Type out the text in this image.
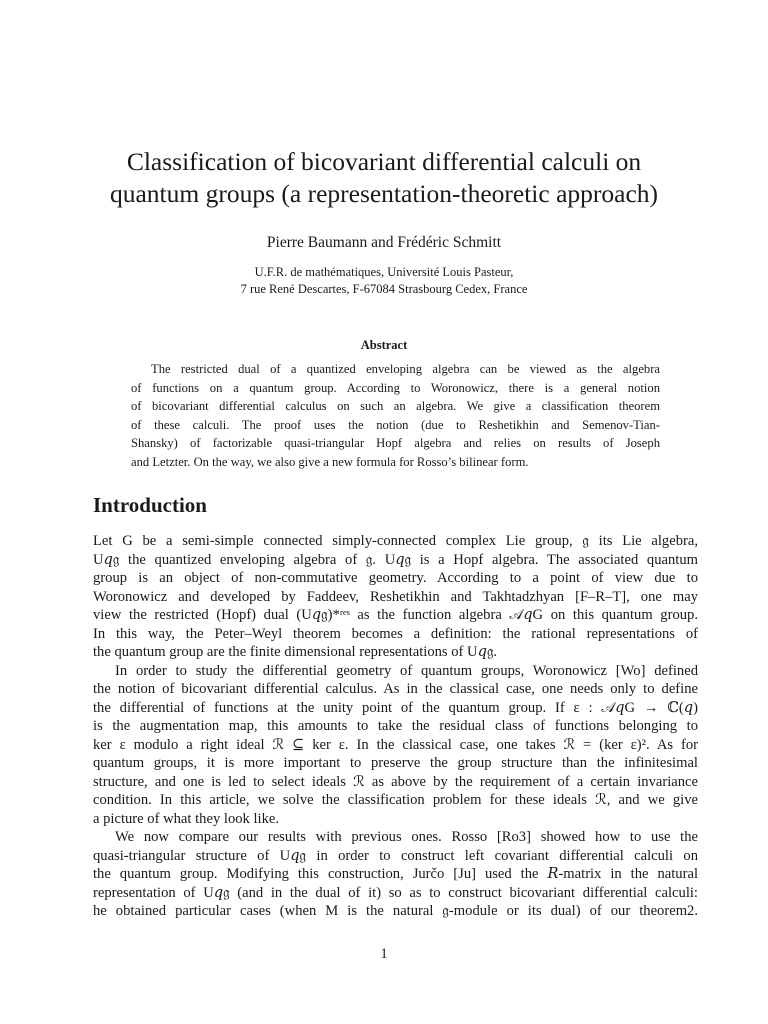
Classification of bicovariant differential calculi on
quantum groups (a representation-theoretic approach)
Pierre Baumann and Frédéric Schmitt
U.F.R. de mathématiques, Université Louis Pasteur,
7 rue René Descartes, F-67084 Strasbourg Cedex, France
Abstract
The restricted dual of a quantized enveloping algebra can be viewed as the algebra
of functions on a quantum group. According to Woronowicz, there is a general notion
of bicovariant differential calculus on such an algebra. We give a classification theorem
of these calculi. The proof uses the notion (due to Reshetikhin and Semenov-Tian-
Shansky) of factorizable quasi-triangular Hopf algebra and relies on results of Joseph
and Letzter. On the way, we also give a new formula for Rosso’s bilinear form.
Introduction
Let G be a semi-simple connected simply-connected complex Lie group, 𝔤 its Lie algebra,
U𝑞𝔤 the quantized enveloping algebra of 𝔤. U𝑞𝔤 is a Hopf algebra. The associated quantum
group is an object of non-commutative geometry. According to a point of view due to
Woronowicz and developed by Faddeev, Reshetikhin and Takhtadzhyan [F–R–T], one may
view the restricted (Hopf) dual (U𝑞𝔤)*ʳᵉˢ as the function algebra 𝒜𝑞G on this quantum group.
In this way, the Peter–Weyl theorem becomes a definition: the rational representations of
the quantum group are the finite dimensional representations of U𝑞𝔤.
In order to study the differential geometry of quantum groups, Woronowicz [Wo] defined
the notion of bicovariant differential calculus. As in the classical case, one needs only to define
the differential of functions at the unity point of the quantum group. If ε : 𝒜𝑞G → ℂ(𝑞)
is the augmentation map, this amounts to take the residual class of functions belonging to
ker ε modulo a right ideal ℛ ⊆ ker ε. In the classical case, one takes ℛ = (ker ε)². As for
quantum groups, it is more important to preserve the group structure than the infinitesimal
structure, and one is led to select ideals ℛ as above by the requirement of a certain invariance
condition. In this article, we solve the classification problem for these ideals ℛ, and we give
a picture of what they look like.
We now compare our results with previous ones. Rosso [Ro3] showed how to use the
quasi-triangular structure of U𝑞𝔤 in order to construct left covariant differential calculi on
the quantum group. Modifying this construction, Jurčo [Ju] used the 𝑅-matrix in the natural
representation of U𝑞𝔤 (and in the dual of it) so as to construct bicovariant differential calculi:
he obtained particular cases (when M is the natural 𝔤-module or its dual) of our theorem2.
1
